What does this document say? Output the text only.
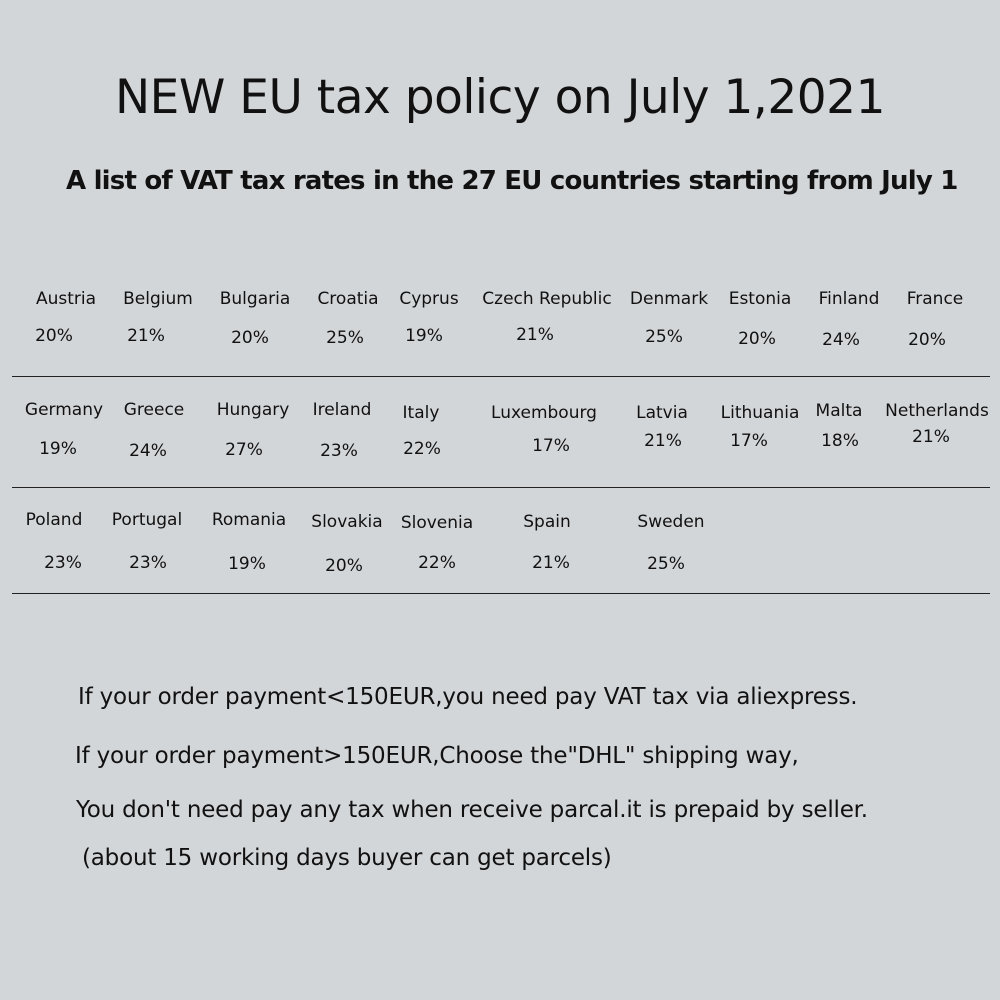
NEW EU tax policy on July 1,2021
A list of VAT tax rates in the 27 EU countries starting from July 1
Austria
20%
Belgium
21%
Bulgaria
20%
Croatia
25%
Cyprus
19%
Czech Republic
21%
Denmark
25%
Estonia
20%
Finland
24%
France
20%
Germany
19%
Greece
24%
Hungary
27%
Ireland
23%
Italy
22%
Luxembourg
17%
Latvia
21%
Lithuania
17%
Malta
18%
Netherlands
21%
Poland
23%
Portugal
23%
Romania
19%
Slovakia
20%
Slovenia
22%
Spain
21%
Sweden
25%
If your order payment<150EUR,you need pay VAT tax via aliexpress.
If your order payment>150EUR,Choose the"DHL" shipping way,
You don't need pay any tax when receive parcal.it is prepaid by seller.
(about 15 working days buyer can get parcels)
